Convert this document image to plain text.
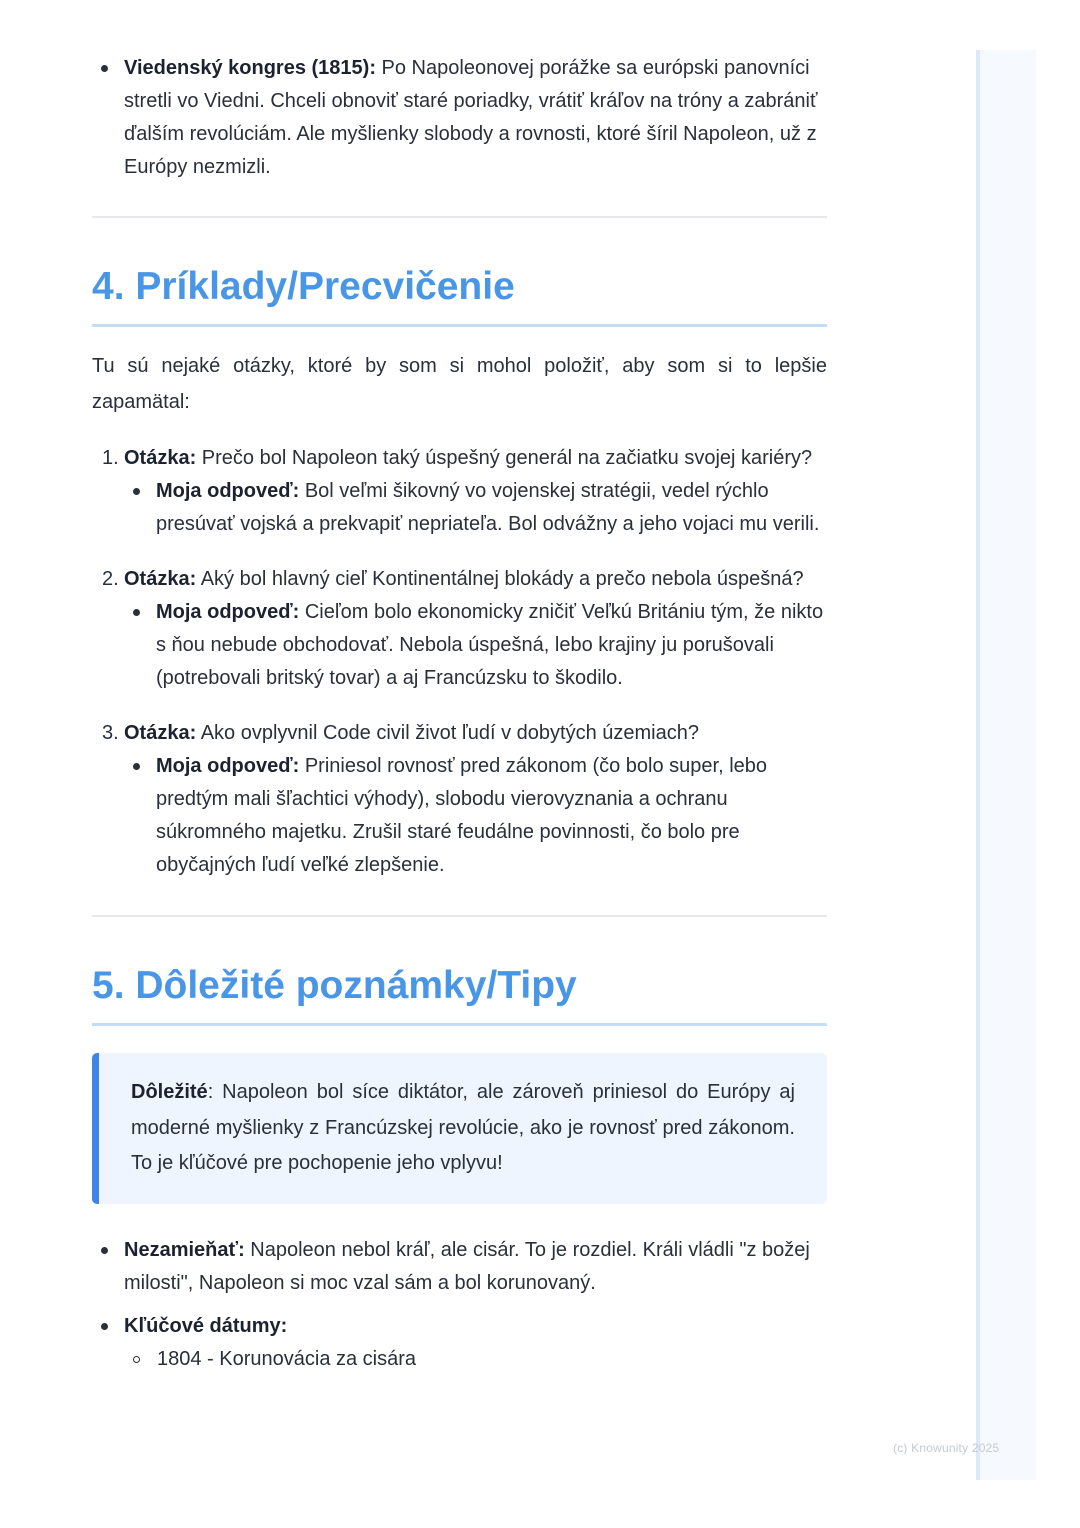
(c) Knowunity 2025
Viedenský kongres (1815): Po Napoleonovej porážke sa európski panovníci stretli vo Viedni. Chceli obnoviť staré poriadky, vrátiť kráľov na tróny a zabrániť ďalším revolúciám. Ale myšlienky slobody a rovnosti, ktoré šíril Napoleon, už z Európy nezmizli.
4. Príklady/Precvičenie

Tu sú nejaké otázky, ktoré by som si mohol položiť, aby som si to lepšie zapamätal:

1. Otázka: Prečo bol Napoleon taký úspešný generál na začiatku svojej kariéry?
Moja odpoveď: Bol veľmi šikovný vo vojenskej stratégii, vedel rýchlo presúvať vojská a prekvapiť nepriateľa. Bol odvážny a jeho vojaci mu verili.
2. Otázka: Aký bol hlavný cieľ Kontinentálnej blokády a prečo nebola úspešná?
Moja odpoveď: Cieľom bolo ekonomicky zničiť Veľkú Britániu tým, že nikto s ňou nebude obchodovať. Nebola úspešná, lebo krajiny ju porušovali (potrebovali britský tovar) a aj Francúzsku to škodilo.
3. Otázka: Ako ovplyvnil Code civil život ľudí v dobytých územiach?
Moja odpoveď: Priniesol rovnosť pred zákonom (čo bolo super, lebo predtým mali šľachtici výhody), slobodu vierovyznania a ochranu súkromného majetku. Zrušil staré feudálne povinnosti, čo bolo pre obyčajných ľudí veľké zlepšenie.
5. Dôležité poznámky/Tipy
Dôležité: Napoleon bol síce diktátor, ale zároveň priniesol do Európy aj moderné myšlienky z Francúzskej revolúcie, ako je rovnosť pred zákonom. To je kľúčové pre pochopenie jeho vplyvu!
Nezamieňať: Napoleon nebol kráľ, ale cisár. To je rozdiel. Králi vládli "z božej milosti", Napoleon si moc vzal sám a bol korunovaný.
Kľúčové dátumy:
1804 - Korunovácia za cisára
